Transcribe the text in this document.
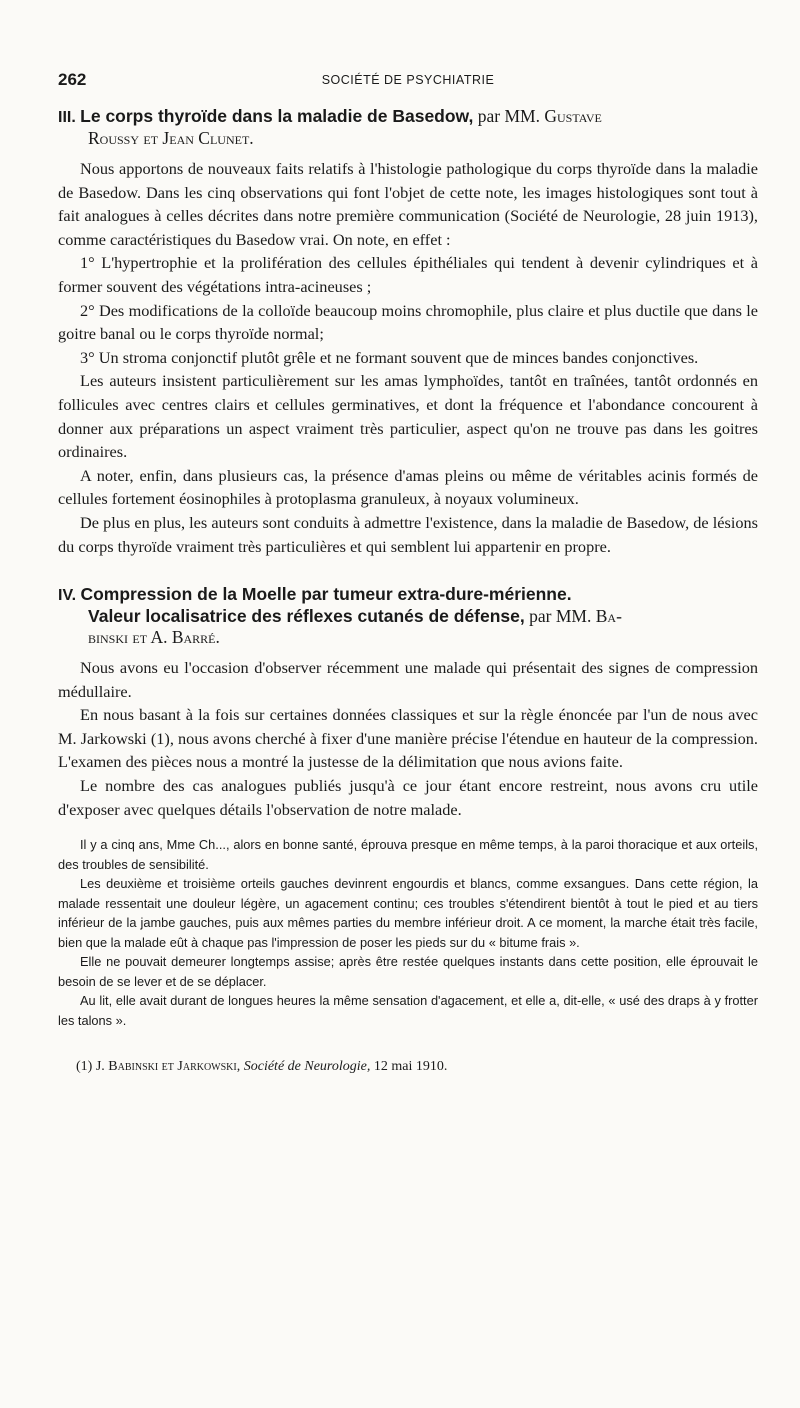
262	SOCIÉTÉ DE PSYCHIATRIE
III. Le corps thyroïde dans la maladie de Basedow, par MM. Gustave
Roussy et Jean Clunet.

Nous apportons de nouveaux faits relatifs à l'histologie pathologique du corps thyroïde dans la maladie de Basedow. Dans les cinq observations qui font l'objet de cette note, les images histologiques sont tout à fait analogues à celles décrites dans notre première communication (Société de Neurologie, 28 juin 1913), comme caractéristiques du Basedow vrai. On note, en effet :

1° L'hypertrophie et la prolifération des cellules épithéliales qui tendent à devenir cylindriques et à former souvent des végétations intra-acineuses ;

2° Des modifications de la colloïde beaucoup moins chromophile, plus claire et plus ductile que dans le goitre banal ou le corps thyroïde normal;

3° Un stroma conjonctif plutôt grêle et ne formant souvent que de minces bandes conjonctives.

Les auteurs insistent particulièrement sur les amas lymphoïdes, tantôt en traînées, tantôt ordonnés en follicules avec centres clairs et cellules germinatives, et dont la fréquence et l'abondance concourent à donner aux préparations un aspect vraiment très particulier, aspect qu'on ne trouve pas dans les goitres ordinaires.

A noter, enfin, dans plusieurs cas, la présence d'amas pleins ou même de véritables acinis formés de cellules fortement éosinophiles à protoplasma granuleux, à noyaux volumineux.

De plus en plus, les auteurs sont conduits à admettre l'existence, dans la maladie de Basedow, de lésions du corps thyroïde vraiment très particulières et qui semblent lui appartenir en propre.

IV. Compression de la Moelle par tumeur extra-dure-mérienne.
Valeur localisatrice des réflexes cutanés de défense, par MM. Ba-
binski et A. Barré.

Nous avons eu l'occasion d'observer récemment une malade qui présentait des signes de compression médullaire.

En nous basant à la fois sur certaines données classiques et sur la règle énoncée par l'un de nous avec M. Jarkowski (1), nous avons cherché à fixer d'une manière précise l'étendue en hauteur de la compression. L'examen des pièces nous a montré la justesse de la délimitation que nous avions faite.

Le nombre des cas analogues publiés jusqu'à ce jour étant encore restreint, nous avons cru utile d'exposer avec quelques détails l'observation de notre malade.

Il y a cinq ans, Mme Ch..., alors en bonne santé, éprouva presque en même temps, à la paroi thoracique et aux orteils, des troubles de sensibilité.

Les deuxième et troisième orteils gauches devinrent engourdis et blancs, comme exsangues. Dans cette région, la malade ressentait une douleur légère, un agacement continu; ces troubles s'étendirent bientôt à tout le pied et au tiers inférieur de la jambe gauches, puis aux mêmes parties du membre inférieur droit. A ce moment, la marche était très facile, bien que la malade eût à chaque pas l'impression de poser les pieds sur du « bitume frais ».

Elle ne pouvait demeurer longtemps assise; après être restée quelques instants dans cette position, elle éprouvait le besoin de se lever et de se déplacer.

Au lit, elle avait durant de longues heures la même sensation d'agacement, et elle a, dit-elle, « usé des draps à y frotter les talons ».

(1) J. Babinski et Jarkowski, Société de Neurologie, 12 mai 1910.
